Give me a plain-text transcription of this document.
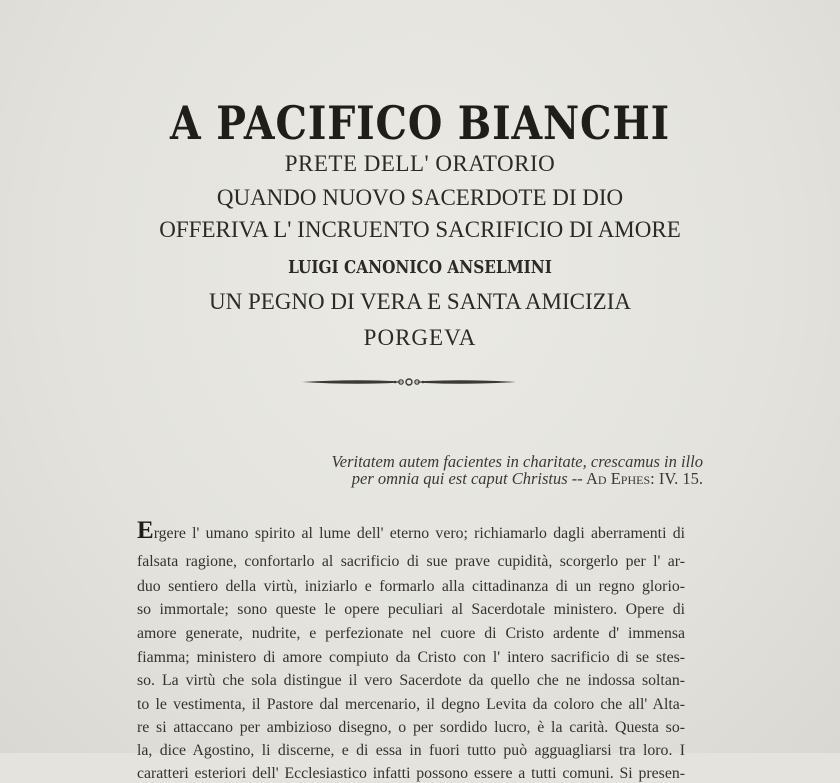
A PACIFICO BIANCHI
PRETE DELL' ORATORIO
QUANDO NUOVO SACERDOTE DI DIO
OFFERIVA L' INCRUENTO SACRIFICIO DI AMORE
LUIGI CANONICO ANSELMINI
UN PEGNO DI VERA E SANTA AMICIZIA
PORGEVA
Veritatem autem facientes in charitate, crescamus in illo
per omnia qui est caput Christus -- Ad Ephes: IV. 15.
Ergere l' umano spirito al lume dell' eterno vero; richiamarlo dagli aberramenti di
falsata ragione, confortarlo al sacrificio di sue prave cupidità, scorgerlo per l' ar-
duo sentiero della virtù, iniziarlo e formarlo alla cittadinanza di un regno glorio-
so immortale; sono queste le opere peculiari al Sacerdotale ministero. Opere di
amore generate, nudrite, e perfezionate nel cuore di Cristo ardente d' immensa
fiamma; ministero di amore compiuto da Cristo con l' intero sacrificio di se stes-
so. La virtù che sola distingue il vero Sacerdote da quello che ne indossa soltan-
to le vestimenta, il Pastore dal mercenario, il degno Levita da coloro che all' Alta-
re si attaccano per ambizioso disegno, o per sordido lucro, è la carità. Questa so-
la, dice Agostino, li discerne, e di essa in fuori tutto può agguagliarsi tra loro. I
caratteri esteriori dell' Ecclesiastico infatti possono essere a tutti comuni. Si presen-
